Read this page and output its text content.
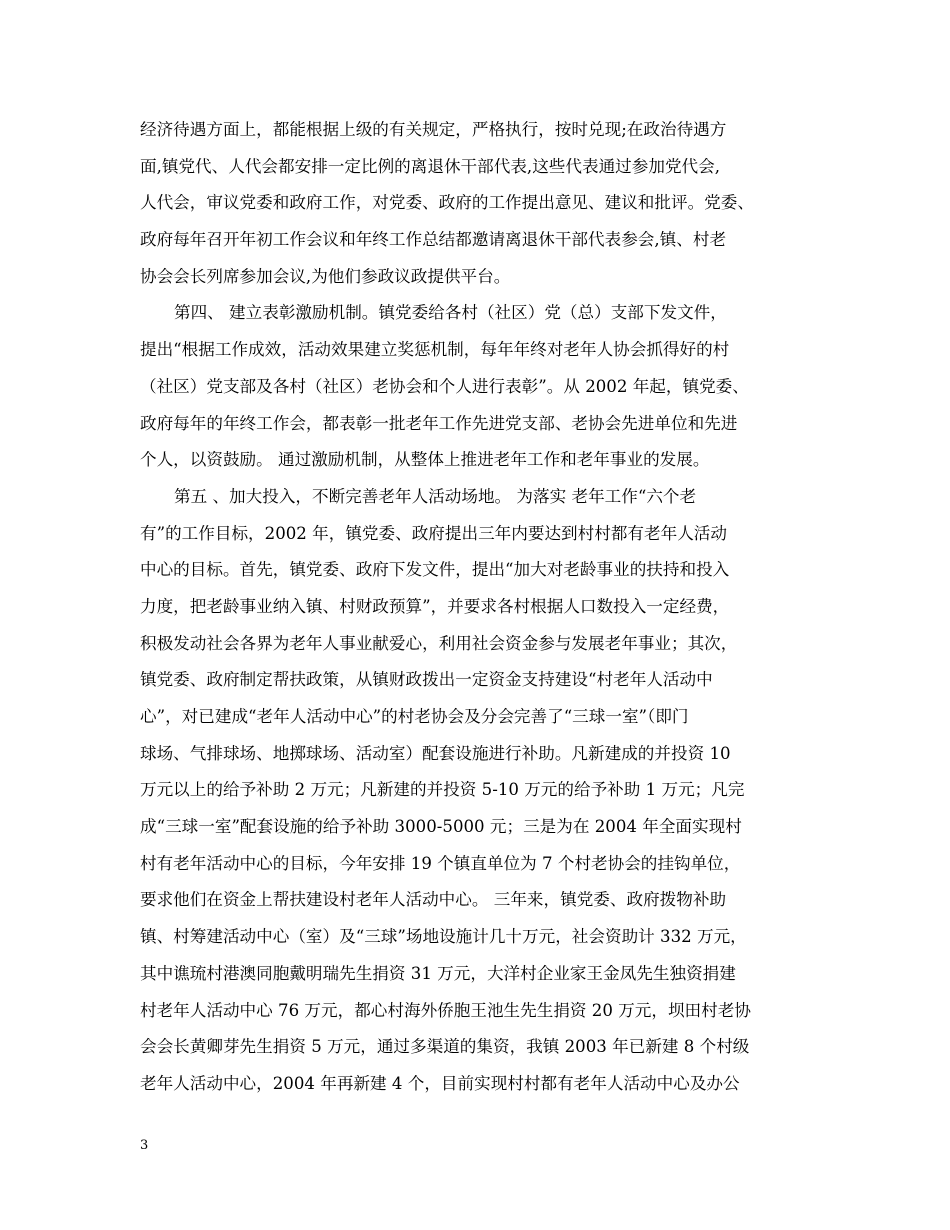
经济待遇方面上，都能根据上级的有关规定，严格执行，按时兑现;在政治待遇方
面,镇党代、人代会都安排一定比例的离退休干部代表,这些代表通过参加党代会,
人代会，审议党委和政府工作，对党委、政府的工作提出意见、建议和批评。党委、
政府每年召开年初工作会议和年终工作总结都邀请离退休干部代表参会,镇、村老
协会会长列席参加会议,为他们参政议政提供平台。
第四、 建立表彰激励机制。镇党委给各村（社区）党（总）支部下发文件，
提出“根据工作成效，活动效果建立奖惩机制，每年年终对老年人协会抓得好的村
（社区）党支部及各村（社区）老协会和个人进行表彰”。从 2002 年起，镇党委、
政府每年的年终工作会，都表彰一批老年工作先进党支部、老协会先进单位和先进
个人，以资鼓励。 通过激励机制，从整体上推进老年工作和老年事业的发展。
第五 、加大投入，不断完善老年人活动场地。 为落实 老年工作“六个老
有”的工作目标，2002 年，镇党委、政府提出三年内要达到村村都有老年人活动
中心的目标。首先，镇党委、政府下发文件，提出“加大对老龄事业的扶持和投入
力度，把老龄事业纳入镇、村财政预算”，并要求各村根据人口数投入一定经费，
积极发动社会各界为老年人事业献爱心，利用社会资金参与发展老年事业；其次，
镇党委、政府制定帮扶政策，从镇财政拨出一定资金支持建设“村老年人活动中
心”，对已建成“老年人活动中心”的村老协会及分会完善了“三球一室”（即门
球场、气排球场、地掷球场、活动室）配套设施进行补助。凡新建成的并投资 10
万元以上的给予补助 2 万元；凡新建的并投资 5-10 万元的给予补助 1 万元；凡完
成“三球一室”配套设施的给予补助 3000-5000 元；三是为在 2004 年全面实现村
村有老年活动中心的目标，今年安排 19 个镇直单位为 7 个村老协会的挂钩单位，
要求他们在资金上帮扶建设村老年人活动中心。 三年来，镇党委、政府拨物补助
镇、村筹建活动中心（室）及“三球”场地设施计几十万元，社会资助计 332 万元，
其中谯琉村港澳同胞戴明瑞先生捐资 31 万元，大洋村企业家王金凤先生独资捐建
村老年人活动中心 76 万元，都心村海外侨胞王池生先生捐资 20 万元，坝田村老协
会会长黄卿芽先生捐资 5 万元，通过多渠道的集资，我镇 2003 年已新建 8 个村级
老年人活动中心，2004 年再新建 4 个，目前实现村村都有老年人活动中心及办公
3
